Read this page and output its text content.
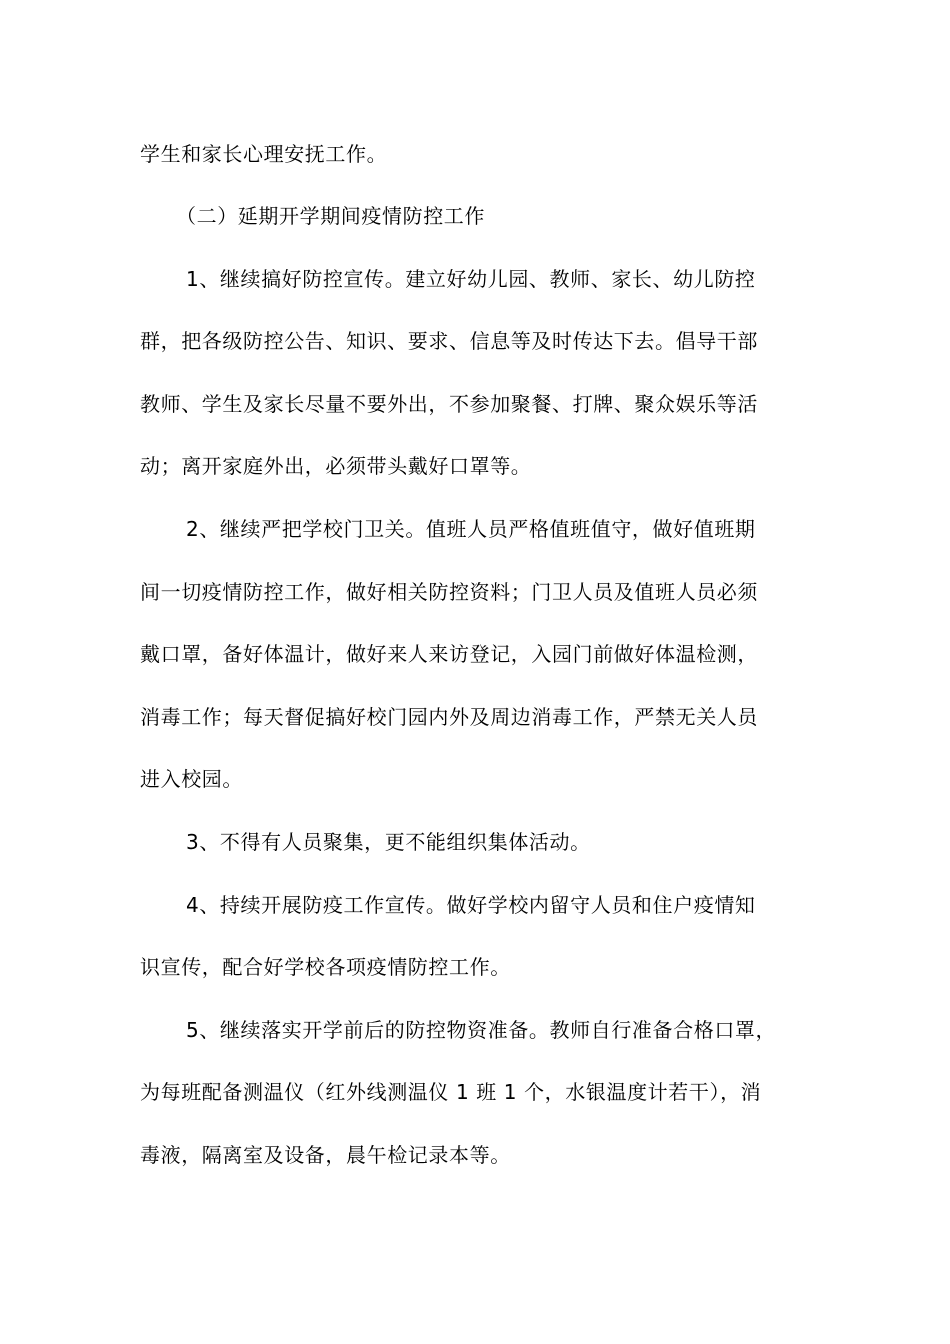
学生和家长心理安抚工作。
（二）延期开学期间疫情防控工作
1、继续搞好防控宣传。建立好幼儿园、教师、家长、幼儿防控
群，把各级防控公告、知识、要求、信息等及时传达下去。倡导干部
教师、学生及家长尽量不要外出，不参加聚餐、打牌、聚众娱乐等活
动；离开家庭外出，必须带头戴好口罩等。
2、继续严把学校门卫关。值班人员严格值班值守，做好值班期
间一切疫情防控工作，做好相关防控资料；门卫人员及值班人员必须
戴口罩，备好体温计，做好来人来访登记，入园门前做好体温检测，
消毒工作；每天督促搞好校门园内外及周边消毒工作，严禁无关人员
进入校园。
3、不得有人员聚集，更不能组织集体活动。
4、持续开展防疫工作宣传。做好学校内留守人员和住户疫情知
识宣传，配合好学校各项疫情防控工作。
5、继续落实开学前后的防控物资准备。教师自行准备合格口罩，
为每班配备测温仪（红外线测温仪 1 班 1 个，水银温度计若干），消
毒液，隔离室及设备，晨午检记录本等。
